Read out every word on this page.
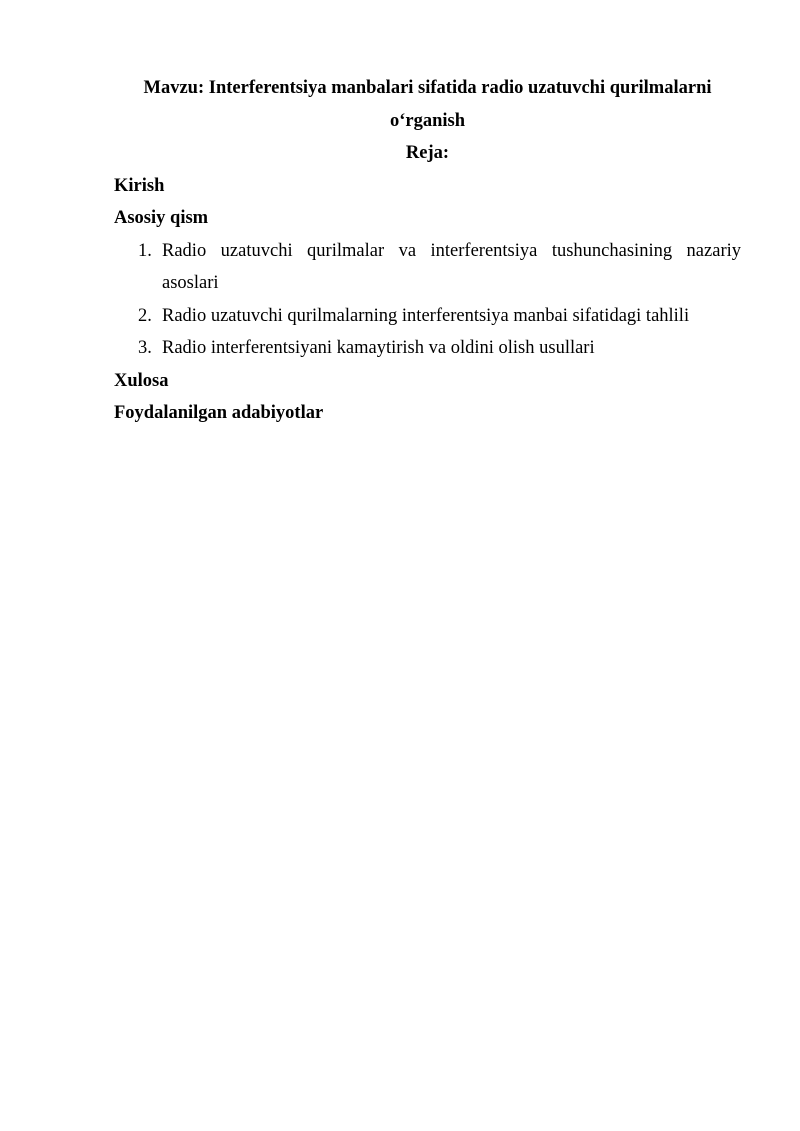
Mavzu: Interferentsiya manbalari sifatida radio uzatuvchi qurilmalarni
o‘rganish

Reja:

Kirish

Asosiy qism

1. Radio uzatuvchi qurilmalar va interferentsiya tushunchasining nazariy
asoslari
2. Radio uzatuvchi qurilmalarning interferentsiya manbai sifatidagi tahlili
3. Radio interferentsiyani kamaytirish va oldini olish usullari

Xulosa

Foydalanilgan adabiyotlar
